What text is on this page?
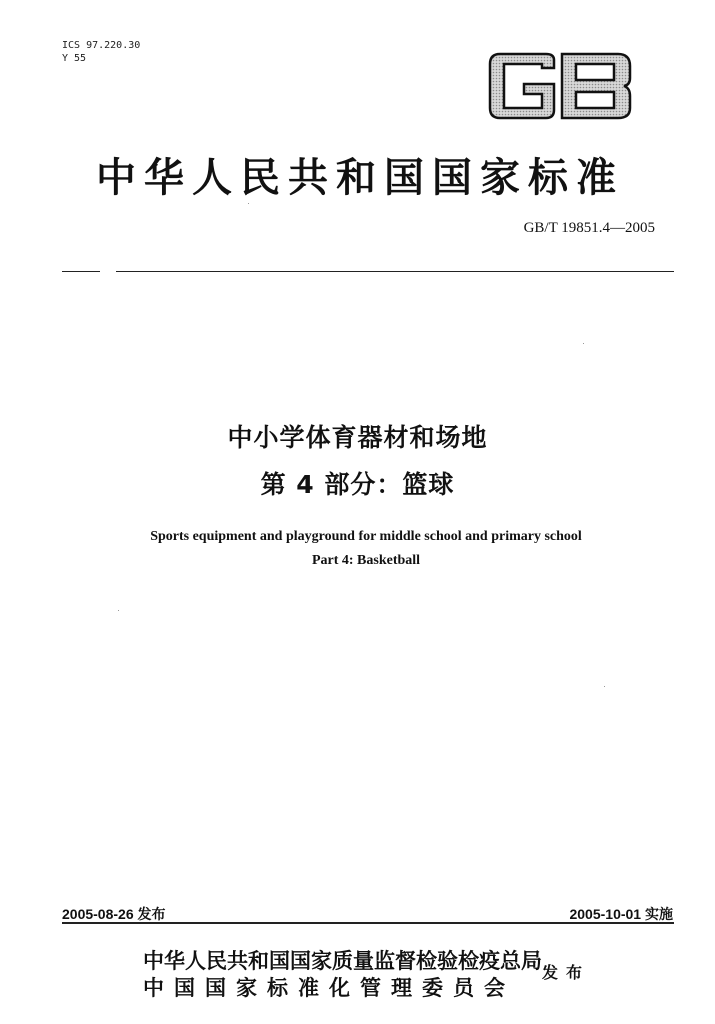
ICS 97.220.30
Y 55
中华人民共和国国家标准
GB/T 19851.4—2005
中小学体育器材和场地
第 4 部分：篮球
Sports equipment and playground for middle school and primary school
Part 4: Basketball
2005-08-26 发布	2005-10-01 实施
中华人民共和国国家质量监督检验检疫总局
中国国家标准化管理委员会
发布
